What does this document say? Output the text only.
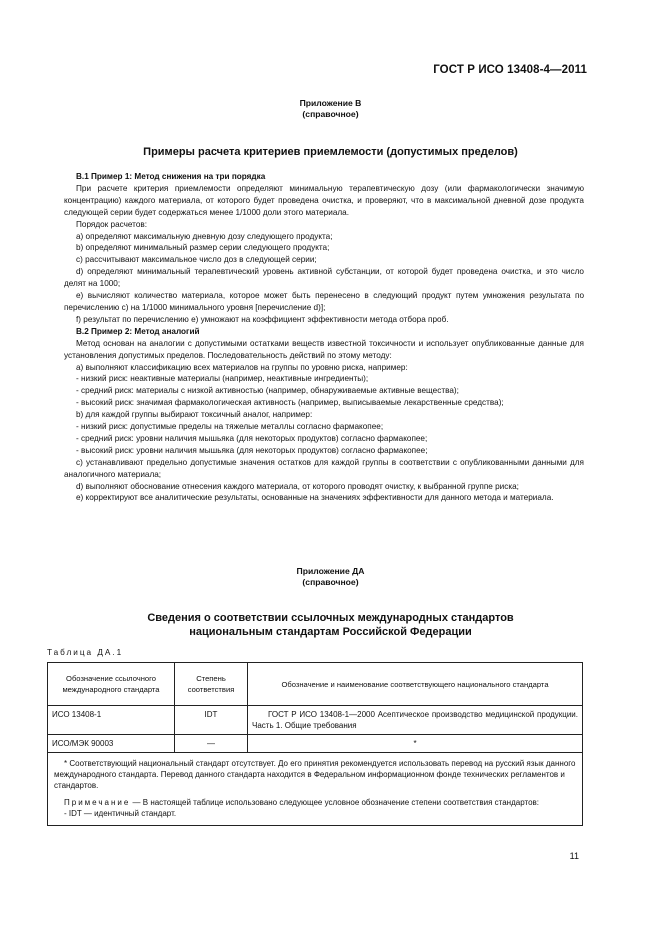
ГОСТ Р ИСО 13408-4—2011
Приложение В
(справочное)
Примеры расчета критериев приемлемости (допустимых пределов)

В.1 Пример 1: Метод снижения на три порядка

При расчете критерия приемлемости определяют минимальную терапевтическую дозу (или фармакологически значимую концентрацию) каждого материала, от которого будет проведена очистка, и проверяют, что в максимальной дневной дозе продукта следующей серии будет содержаться менее 1/1000 доли этого материала.

Порядок расчетов:

а) определяют максимальную дневную дозу следующего продукта;

b) определяют минимальный размер серии следующего продукта;

c) рассчитывают максимальное число доз в следующей серии;

d) определяют минимальный терапевтический уровень активной субстанции, от которой будет проведена очистка, и это число делят на 1000;

e) вычисляют количество материала, которое может быть перенесено в следующий продукт путем умножения результата по перечислению с) на 1/1000 минимального уровня [перечисление d)];

f) результат по перечислению е) умножают на коэффициент эффективности метода отбора проб.

В.2 Пример 2: Метод аналогий

Метод основан на аналогии с допустимыми остатками веществ известной токсичности и использует опубликованные данные для установления допустимых пределов. Последовательность действий по этому методу:

а) выполняют классификацию всех материалов на группы по уровню риска, например:

- низкий риск: неактивные материалы (например, неактивные ингредиенты);

- средний риск: материалы с низкой активностью (например, обнаруживаемые активные вещества);

- высокий риск: значимая фармакологическая активность (например, выписываемые лекарственные средства);

b) для каждой группы выбирают токсичный аналог, например:

- низкий риск: допустимые пределы на тяжелые металлы согласно фармакопее;

- средний риск: уровни наличия мышьяка (для некоторых продуктов) согласно фармакопее;

- высокий риск: уровни наличия мышьяка (для некоторых продуктов) согласно фармакопее;

c) устанавливают предельно допустимые значения остатков для каждой группы в соответствии с опубликованными данными для аналогичного материала;

d) выполняют обоснование отнесения каждого материала, от которого проводят очистку, к выбранной группе риска;

e) корректируют все аналитические результаты, основанные на значениях эффективности для данного метода и материала.

Приложение ДА
(справочное)
Сведения о соответствии ссылочных международных стандартов
национальным стандартам Российской Федерации
Таблица ДА.1
Обозначение ссылочного международного стандарта	Степень соответствия	Обозначение и наименование соответствующего национального стандарта
ИСО 13408-1	IDT	ГОСТ Р ИСО 13408-1—2000 Асептическое производство медицинской продукции. Часть 1. Общие требования
ИСО/МЭК 90003	—	*

* Соответствующий национальный стандарт отсутствует. До его принятия рекомендуется использовать перевод на русский язык данного международного стандарта. Перевод данного стандарта находится в Федеральном информационном фонде технических регламентов и стандартов.

Примечание — В настоящей таблице использовано следующее условное обозначение степени соответствия стандартов:

- IDT — идентичный стандарт.		

11
